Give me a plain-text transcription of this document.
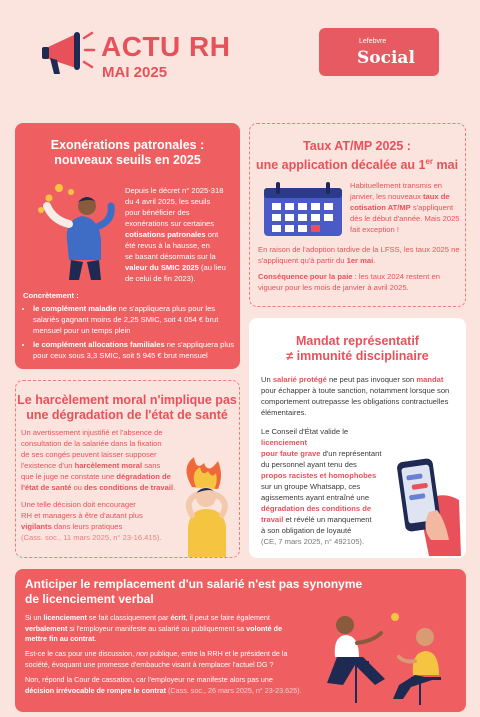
ACTU RH
MAI 2025
Lefebvre
Social
Exonérations patronales :
nouveaux seuils en 2025
Depuis le décret n° 2025-318
du 4 avril 2025, les seuils
pour bénéficier des
exonérations sur certaines
cotisations patronales ont
été revus à la hausse, en
se basant désormais sur la
valeur du SMIC 2025 (au lieu
de celui de fin 2023).
Concrètement :
• le complément maladie ne s'appliquera plus pour les salariés gagnant moins de 2,25 SMIC, soit 4 054 € brut mensuel pour un temps plein
• le complément allocations familiales ne s'appliquera plus pour ceux sous 3,3 SMIC, soit 5 945 € brut mensuel
Taux AT/MP 2025 :
une application décalée au 1er mai
Habituellement transmis en janvier, les nouveaux taux de cotisation AT/MP s'appliquent dès le début d'année. Mais 2025 fait exception !
En raison de l'adoption tardive de la LFSS, les taux 2025 ne s'appliquent qu'à partir du 1er mai.
Conséquence pour la paie : les taux 2024 restent en vigueur pour les mois de janvier à avril 2025.
Mandat représentatif
≠ immunité disciplinaire
Un salarié protégé ne peut pas invoquer son mandat pour échapper à toute sanction, notamment lorsque son comportement outrepasse les obligations contractuelles élémentaires.
Le Conseil d'État valide le licenciement
pour faute grave d'un représentant
du personnel ayant tenu des
propos racistes et homophobes
sur un groupe Whatsapp, ces
agissements ayant entraîné une
dégradation des conditions de
travail et révélé un manquement
à son obligation de loyauté
(CE, 7 mars 2025, n° 492105).
Le harcèlement moral n'implique pas
une dégradation de l'état de santé
Un avertissement injustifié et l'absence de
consultation de la salariée dans la fixation
de ses congés peuvent laisser supposer
l'existence d'un harcèlement moral sans
que le juge ne constate une dégradation de
l'état de santé ou des conditions de travail.
Une telle décision doit encourager
RH et managers à être d'autant plus
vigilants dans leurs pratiques
(Cass. soc., 11 mars 2025, n° 23-16.415).
Anticiper le remplacement d'un salarié n'est pas synonyme
de licenciement verbal
Si un licenciement se fait classiquement par écrit, il peut se faire également
verbalement si l'employeur manifeste au salarié ou publiquement sa volonté de
mettre fin au contrat.
Est-ce le cas pour une discussion, non publique, entre la RRH et le président de la
société, évoquant une promesse d'embauche visant à remplacer l'actuel DG ?
Non, répond la Cour de cassation, car l'employeur ne manifeste alors pas une
décision irrévocable de rompre le contrat (Cass. soc., 26 mars 2025, n° 23-23.625).
